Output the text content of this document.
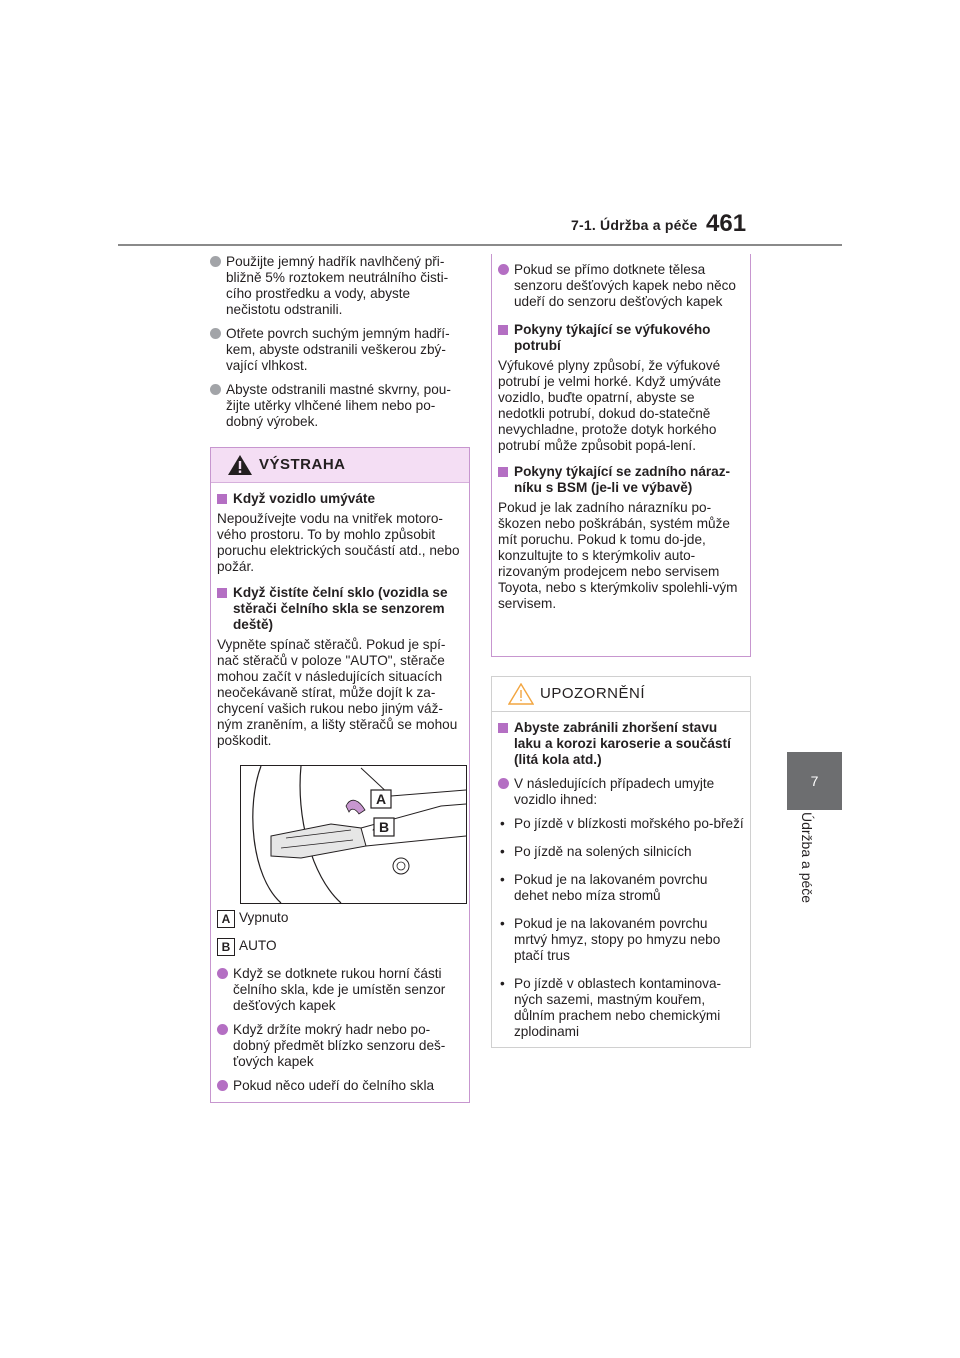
7-1. Údržba a péče 461
7
Údržba a péče
Použijte jemný hadřík navlhčený při-bližně 5% roztokem neutrálního čisti-cího prostředku a vody, abyste nečistotu odstranili.
Otřete povrch suchým jemným hadří-kem, abyste odstranili veškerou zbý-vající vlhkost.
Abyste odstranili mastné skvrny, pou-žijte utěrky vlhčené lihem nebo po-dobný výrobek.
VÝSTRAHA
Když vozidlo umýváte
Nepoužívejte vodu na vnitřek motoro-vého prostoru. To by mohlo způsobit poruchu elektrických součástí atd., nebo požár.
Když čistíte čelní sklo (vozidla se stěrači čelního skla se senzorem deště)
Vypněte spínač stěračů. Pokud je spí-nač stěračů v poloze "AUTO", stěrače mohou začít v následujících situacích neočekávaně stírat, může dojít k za-chycení vašich rukou nebo jiným váž-ným zraněním, a lišty stěračů se mohou poškodit.
A
B
A Vypnuto
B AUTO
Když se dotknete rukou horní části čelního skla, kde je umístěn senzor dešťových kapek
Když držíte mokrý hadr nebo po-dobný předmět blízko senzoru deš-ťových kapek
Pokud něco udeří do čelního skla
Pokud se přímo dotknete tělesa senzoru dešťových kapek nebo něco udeří do senzoru dešťových kapek
Pokyny týkající se výfukového potrubí
Výfukové plyny způsobí, že výfukové potrubí je velmi horké. Když umýváte vozidlo, buďte opatrní, abyste se nedotkli potrubí, dokud do-statečně nevychladne, protože dotyk horkého potrubí může způsobit popá-lení.
Pokyny týkající se zadního náraz-níku s BSM (je-li ve výbavě)
Pokud je lak zadního nárazníku po-škozen nebo poškrábán, systém může mít poruchu. Pokud k tomu do-jde, konzultujte to s kterýmkoliv auto-rizovaným prodejcem nebo servisem Toyota, nebo s kterýmkoliv spolehli-vým servisem.
UPOZORNĚNÍ
Abyste zabránili zhoršení stavu laku a korozi karoserie a součástí (litá kola atd.)
V následujících případech umyjte vozidlo ihned:
• Po jízdě v blízkosti mořského po-břeží
• Po jízdě na solených silnicích
• Pokud je na lakovaném povrchu dehet nebo míza stromů
• Pokud je na lakovaném povrchu mrtvý hmyz, stopy po hmyzu nebo ptačí trus
• Po jízdě v oblastech kontaminova-ných sazemi, mastným kouřem, důlním prachem nebo chemickými zplodinami
